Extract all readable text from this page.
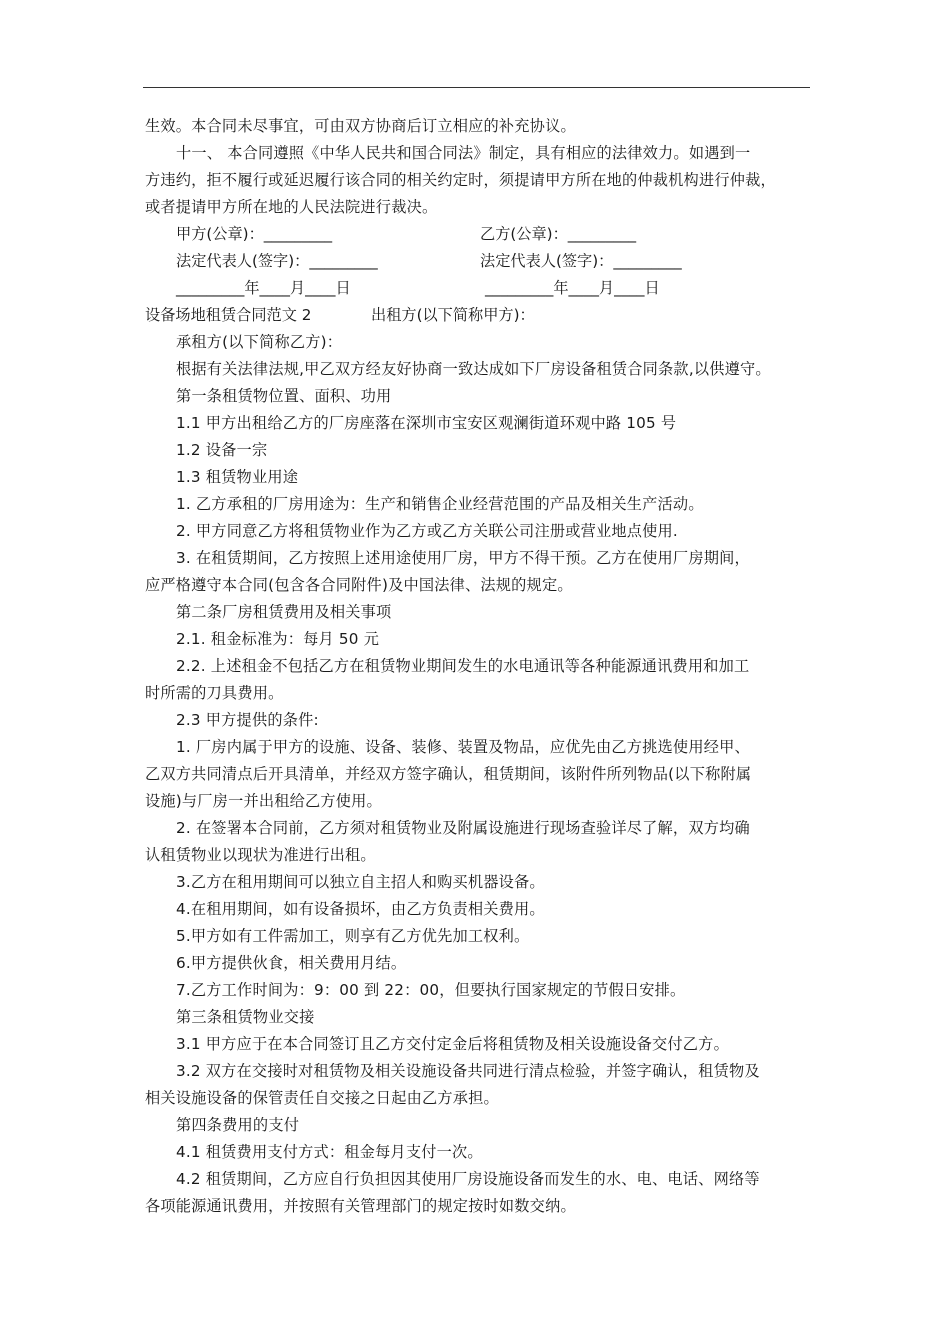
生效。本合同未尽事宜，可由双方协商后订立相应的补充协议。
十一、 本合同遵照《中华人民共和国合同法》制定，具有相应的法律效力。如遇到一
方违约，拒不履行或延迟履行该合同的相关约定时，须提请甲方所在地的仲裁机构进行仲裁，
或者提请甲方所在地的人民法院进行裁决。
甲方(公章)：_________	乙方(公章)：_________
法定代表人(签字)：_________	法定代表人(签字)：_________
_________年____月____日	_________年____月____日
设备场地租赁合同范文 2	出租方(以下简称甲方)：
承租方(以下简称乙方)：
根据有关法律法规,甲乙双方经友好协商一致达成如下厂房设备租赁合同条款,以供遵守。
第一条租赁物位置、面积、功用
1.1 甲方出租给乙方的厂房座落在深圳市宝安区观澜街道环观中路 105 号
1.2 设备一宗
1.3 租赁物业用途
1. 乙方承租的厂房用途为：生产和销售企业经营范围的产品及相关生产活动。
2. 甲方同意乙方将租赁物业作为乙方或乙方关联公司注册或营业地点使用.
3. 在租赁期间，乙方按照上述用途使用厂房，甲方不得干预。乙方在使用厂房期间，
应严格遵守本合同(包含各合同附件)及中国法律、法规的规定。
第二条厂房租赁费用及相关事项
2.1. 租金标准为：每月 50 元
2.2. 上述租金不包括乙方在租赁物业期间发生的水电通讯等各种能源通讯费用和加工
时所需的刀具费用。
2.3 甲方提供的条件:
1. 厂房内属于甲方的设施、设备、装修、装置及物品，应优先由乙方挑选使用经甲、
乙双方共同清点后开具清单，并经双方签字确认，租赁期间，该附件所列物品(以下称附属
设施)与厂房一并出租给乙方使用。
2. 在签署本合同前，乙方须对租赁物业及附属设施进行现场查验详尽了解，双方均确
认租赁物业以现状为准进行出租。
3.乙方在租用期间可以独立自主招人和购买机器设备。
4.在租用期间，如有设备损坏，由乙方负责相关费用。
5.甲方如有工件需加工，则享有乙方优先加工权利。
6.甲方提供伙食，相关费用月结。
7.乙方工作时间为：9：00 到 22：00，但要执行国家规定的节假日安排。
第三条租赁物业交接
3.1 甲方应于在本合同签订且乙方交付定金后将租赁物及相关设施设备交付乙方。
3.2 双方在交接时对租赁物及相关设施设备共同进行清点检验，并签字确认，租赁物及
相关设施设备的保管责任自交接之日起由乙方承担。
第四条费用的支付
4.1 租赁费用支付方式：租金每月支付一次。
4.2 租赁期间，乙方应自行负担因其使用厂房设施设备而发生的水、电、电话、网络等
各项能源通讯费用，并按照有关管理部门的规定按时如数交纳。
